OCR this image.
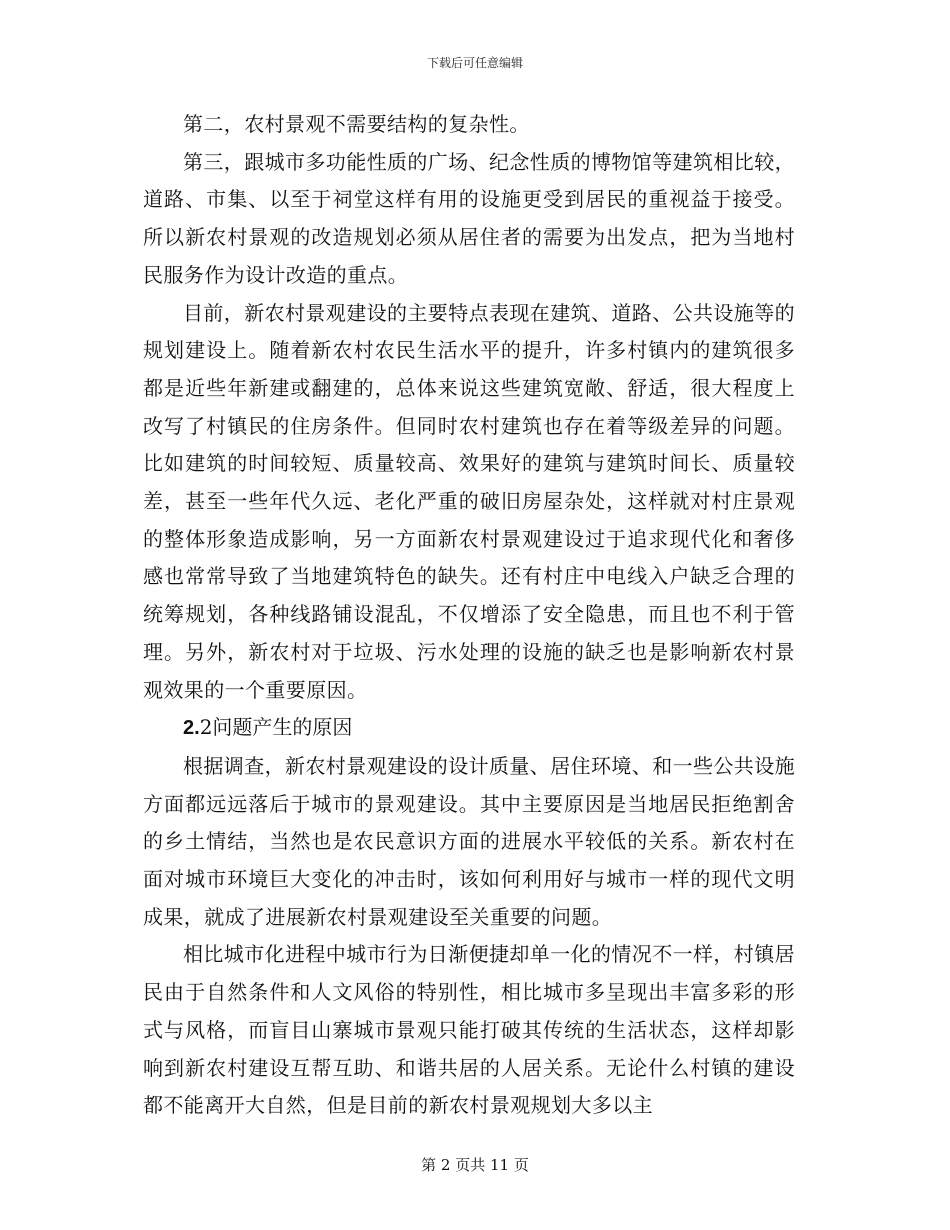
下载后可任意编辑

第二，农村景观不需要结构的复杂性。

第三，跟城市多功能性质的广场、纪念性质的博物馆等建筑相比较，道路、市集、以至于祠堂这样有用的设施更受到居民的重视益于接受。所以新农村景观的改造规划必须从居住者的需要为出发点，把为当地村民服务作为设计改造的重点。

目前，新农村景观建设的主要特点表现在建筑、道路、公共设施等的规划建设上。随着新农村农民生活水平的提升，许多村镇内的建筑很多都是近些年新建或翻建的，总体来说这些建筑宽敞、舒适，很大程度上改写了村镇民的住房条件。但同时农村建筑也存在着等级差异的问题。比如建筑的时间较短、质量较高、效果好的建筑与建筑时间长、质量较差，甚至一些年代久远、老化严重的破旧房屋杂处，这样就对村庄景观的整体形象造成影响，另一方面新农村景观建设过于追求现代化和奢侈感也常常导致了当地建筑特色的缺失。还有村庄中电线入户缺乏合理的统筹规划，各种线路铺设混乱，不仅增添了安全隐患，而且也不利于管理。另外，新农村对于垃圾、污水处理的设施的缺乏也是影响新农村景观效果的一个重要原因。

2.2问题产生的原因

根据调查，新农村景观建设的设计质量、居住环境、和一些公共设施方面都远远落后于城市的景观建设。其中主要原因是当地居民拒绝割舍的乡土情结，当然也是农民意识方面的进展水平较低的关系。新农村在面对城市环境巨大变化的冲击时，该如何利用好与城市一样的现代文明成果，就成了进展新农村景观建设至关重要的问题。

相比城市化进程中城市行为日渐便捷却单一化的情况不一样，村镇居民由于自然条件和人文风俗的特别性，相比城市多呈现出丰富多彩的形式与风格，而盲目山寨城市景观只能打破其传统的生活状态，这样却影响到新农村建设互帮互助、和谐共居的人居关系。无论什么村镇的建设都不能离开大自然，但是目前的新农村景观规划大多以主

第 2 页共 11 页
